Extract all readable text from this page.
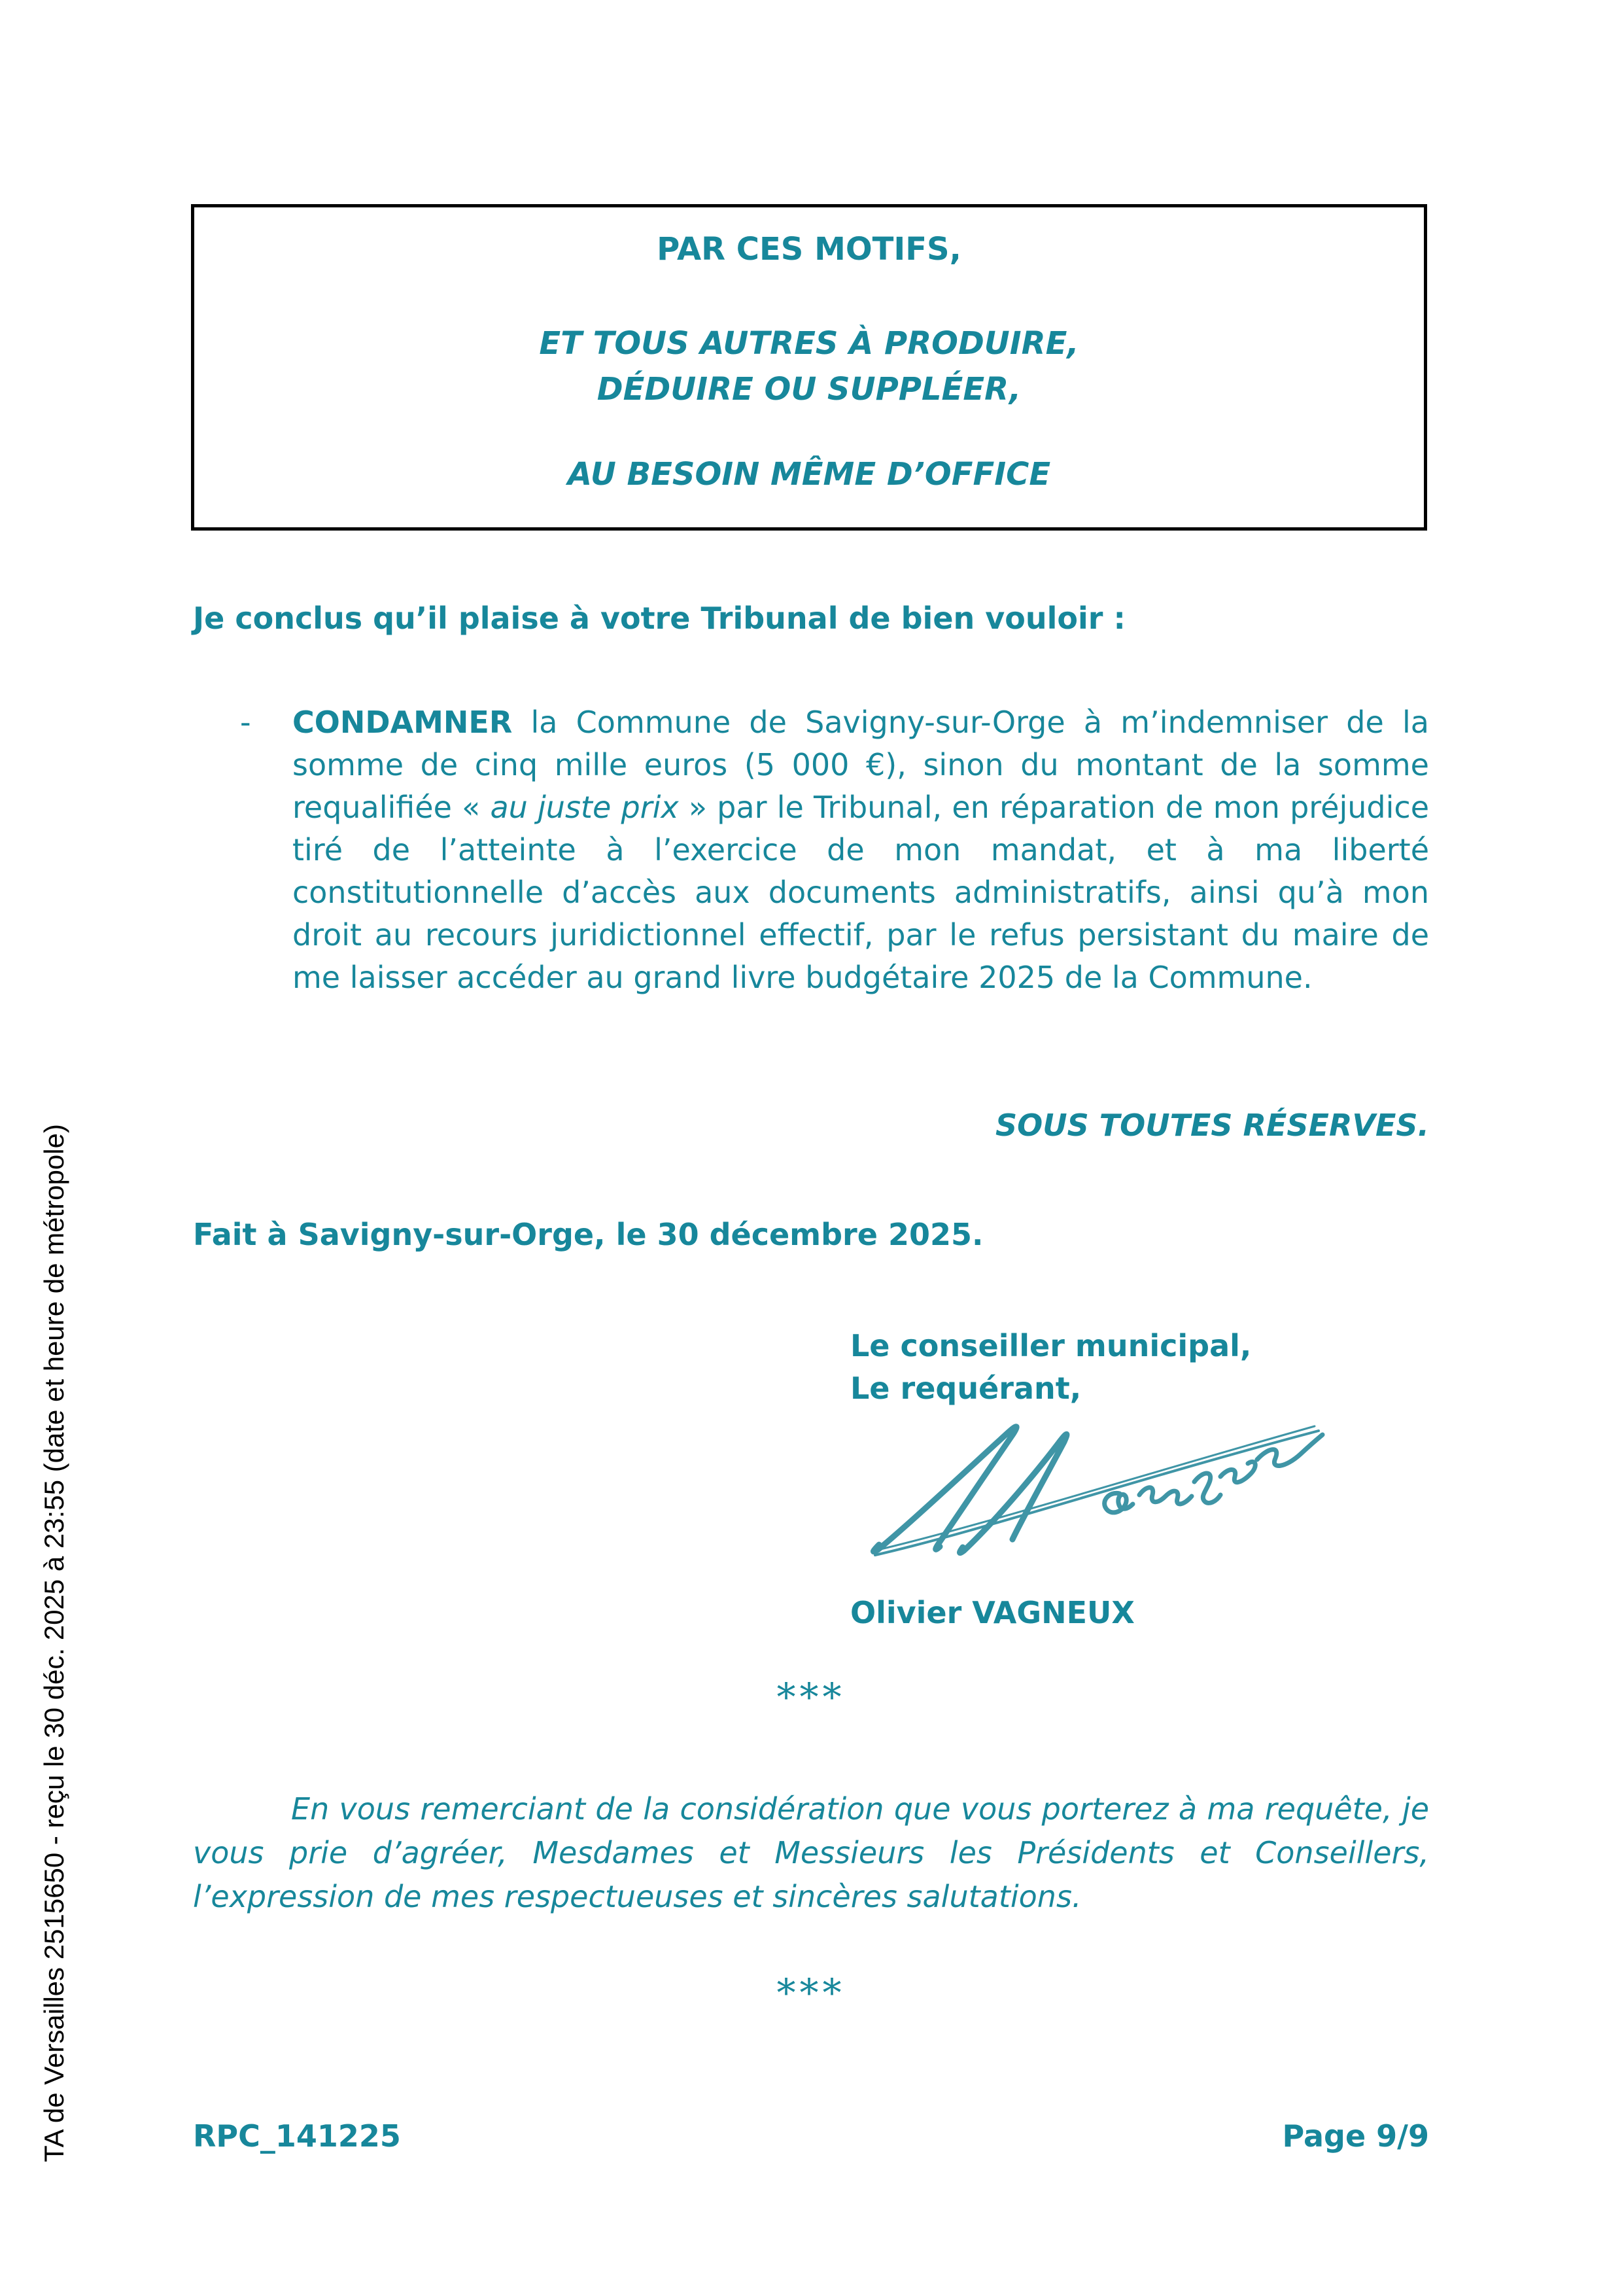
TA de Versailles 2515650 - reçu le 30 déc. 2025 à 23:55 (date et heure de métropole)
PAR CES MOTIFS,
ET TOUS AUTRES À PRODUIRE,
DÉDUIRE OU SUPPLÉER,
AU BESOIN MÊME D’OFFICE
Je conclus qu’il plaise à votre Tribunal de bien vouloir :
- CONDAMNER la Commune de Savigny-sur-Orge à m’indemniser de la somme de cinq mille euros (5 000 €), sinon du montant de la somme requalifiée « au juste prix » par le Tribunal, en réparation de mon préjudice tiré de l’atteinte à l’exercice de mon mandat, et à ma liberté constitutionnelle d’accès aux documents administratifs, ainsi qu’à mon droit au recours juridictionnel effectif, par le refus persistant du maire de me laisser accéder au grand livre budgétaire 2025 de la Commune.

SOUS TOUTES RÉSERVES.
Fait à Savigny-sur-Orge, le 30 décembre 2025.
Le conseiller municipal,
Le requérant,
Olivier VAGNEUX
***

En vous remerciant de la considération que vous porterez à ma requête, je vous prie d’agréer, Mesdames et Messieurs les Présidents et Conseillers, l’expression de mes respectueuses et sincères salutations.

***
RPC_141225	Page 9/9
